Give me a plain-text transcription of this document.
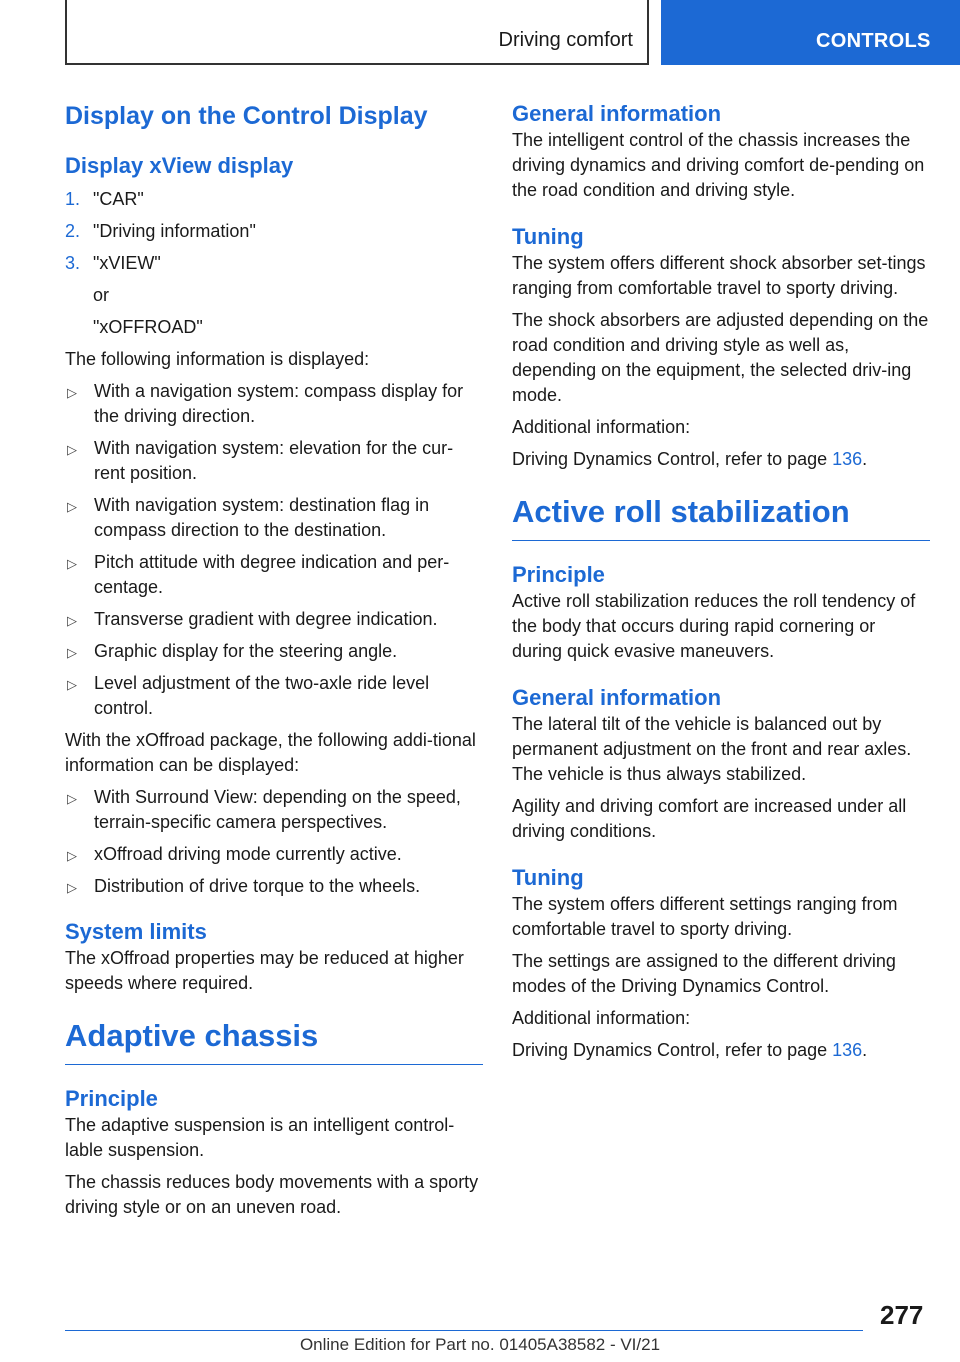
Driving comfort	CONTROLS
Display on the Control Display
Display xView display
1. "CAR"
2. "Driving information"
3. "xVIEW"
or
"xOFFROAD"

The following information is displayed:

▷ With a navigation system: compass display for the driving direction.
▷ With navigation system: elevation for the cur-rent position.
▷ With navigation system: destination flag in compass direction to the destination.
▷ Pitch attitude with degree indication and per-centage.
▷ Transverse gradient with degree indication.
▷ Graphic display for the steering angle.
▷ Level adjustment of the two-axle ride level control.

With the xOffroad package, the following addi-tional information can be displayed:

▷ With Surround View: depending on the speed, terrain-specific camera perspectives.
▷ xOffroad driving mode currently active.
▷ Distribution of drive torque to the wheels.
System limits

The xOffroad properties may be reduced at higher speeds where required.

Adaptive chassis
Principle

The adaptive suspension is an intelligent control-lable suspension.

The chassis reduces body movements with a sporty driving style or on an uneven road.

General information

The intelligent control of the chassis increases the driving dynamics and driving comfort de-pending on the road condition and driving style.

Tuning

The system offers different shock absorber set-tings ranging from comfortable travel to sporty driving.

The shock absorbers are adjusted depending on the road condition and driving style as well as, depending on the equipment, the selected driv-ing mode.

Additional information:

Driving Dynamics Control, refer to page 136.

Active roll stabilization
Principle

Active roll stabilization reduces the roll tendency of the body that occurs during rapid cornering or during quick evasive maneuvers.

General information

The lateral tilt of the vehicle is balanced out by permanent adjustment on the front and rear axles. The vehicle is thus always stabilized.

Agility and driving comfort are increased under all driving conditions.

Tuning

The system offers different settings ranging from comfortable travel to sporty driving.

The settings are assigned to the different driving modes of the Driving Dynamics Control.

Additional information:

Driving Dynamics Control, refer to page 136.

277
Online Edition for Part no. 01405A38582 - VI/21
